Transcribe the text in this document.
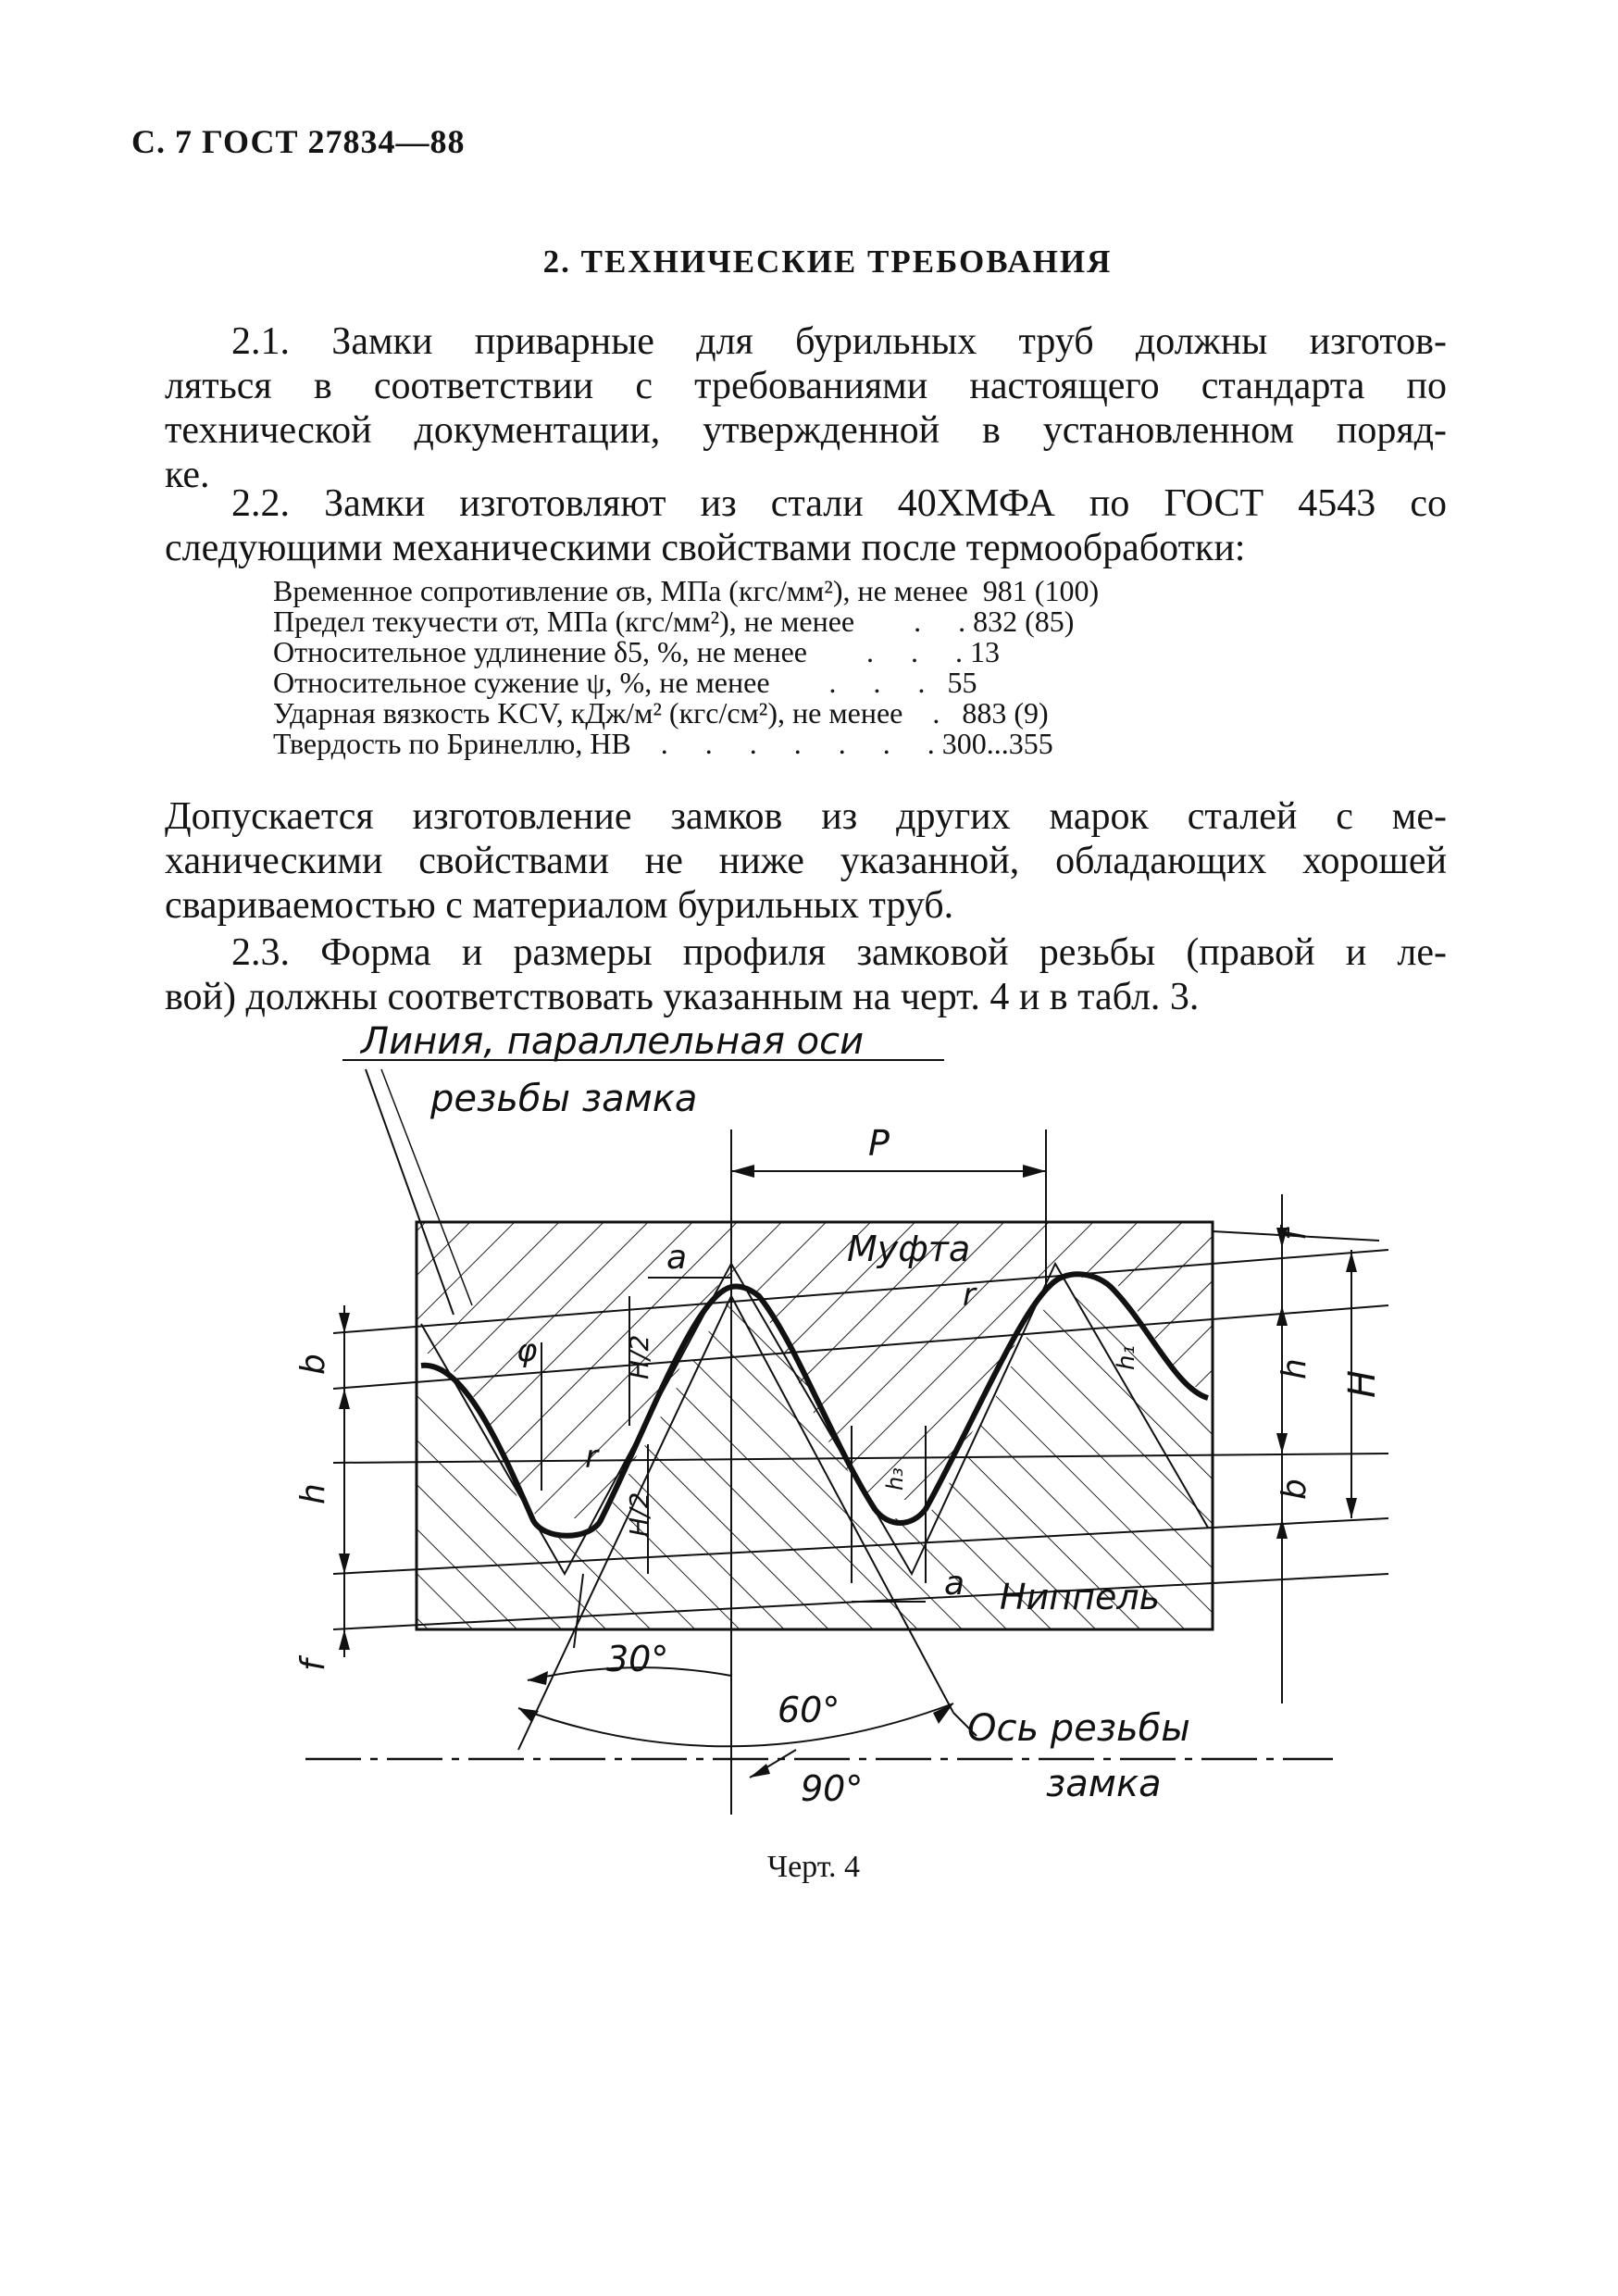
С. 7 ГОСТ 27834—88
2. ТЕХНИЧЕСКИЕ ТРЕБОВАНИЯ
2.1. Замки приварные для бурильных труб должны изготов-
ляться в соответствии с требованиями настоящего стандарта по
технической документации, утвержденной в установленном поряд-
ке.
2.2. Замки изготовляют из стали 40ХМФА по ГОСТ 4543 со
следующими механическими свойствами после термообработки:
Временное сопротивление σв, МПа (кгс/мм²), не менее
981 (100)
Предел текучести σт, МПа (кгс/мм²), не менее .  . 832 (85)
Относительное удлинение δ5, %, не менее .  .  . 13
Относительное сужение ψ, %, не менее .  .  . 55
Ударная вязкость KCV, кДж/м² (кгс/см²), не менее . 883 (9)
Твердость по Бринеллю, НВ .  .  .  .  .  .  . 300...355
Допускается изготовление замков из других марок сталей с ме-
ханическими свойствами не ниже указанной, обладающих хорошей
свариваемостью с материалом бурильных труб.
2.3. Форма и размеры профиля замковой резьбы (правой и ле-
вой) должны соответствовать указанным на черт. 4 и в табл. 3.
Линия, параллельная оси
резьбы замка
P
Муфта
Ниппель
Ось резьбы
замка
30°
60°
90°
a
a
r
r
H/2
H/2
φ
b
h
f
f
h
H
b
h₁
h₃
Черт. 4
